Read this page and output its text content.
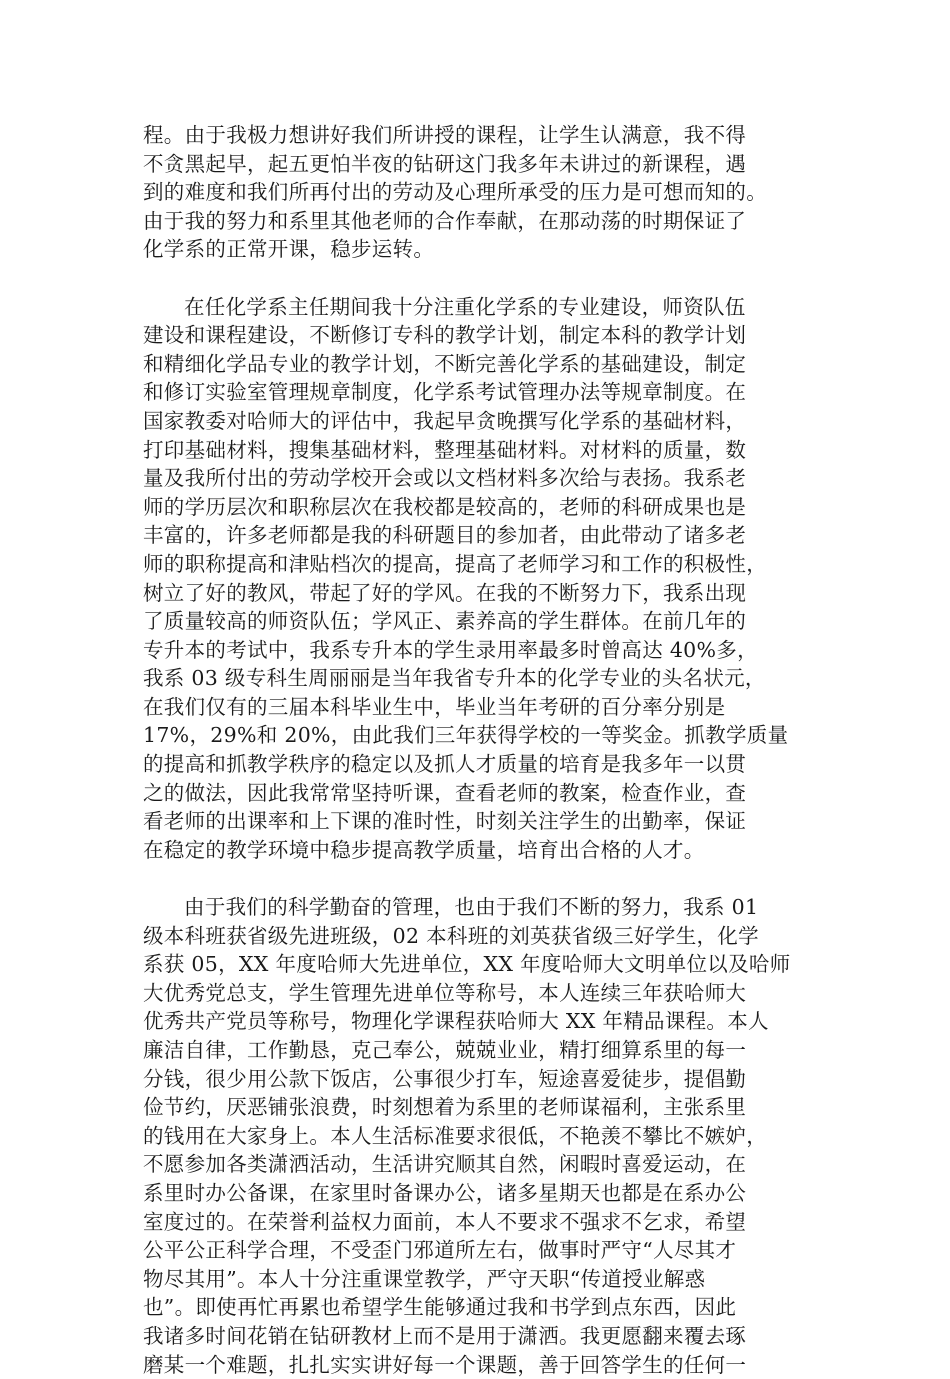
程。由于我极力想讲好我们所讲授的课程，让学生认满意，我不得
不贪黑起早，起五更怕半夜的钻研这门我多年未讲过的新课程，遇
到的难度和我们所再付出的劳动及心理所承受的压力是可想而知的。
由于我的努力和系里其他老师的合作奉献，在那动荡的时期保证了
化学系的正常开课，稳步运转。

在任化学系主任期间我十分注重化学系的专业建设，师资队伍
建设和课程建设，不断修订专科的教学计划，制定本科的教学计划
和精细化学品专业的教学计划，不断完善化学系的基础建设，制定
和修订实验室管理规章制度，化学系考试管理办法等规章制度。在
国家教委对哈师大的评估中，我起早贪晚撰写化学系的基础材料，
打印基础材料，搜集基础材料，整理基础材料。对材料的质量，数
量及我所付出的劳动学校开会或以文档材料多次给与表扬。我系老
师的学历层次和职称层次在我校都是较高的，老师的科研成果也是
丰富的，许多老师都是我的科研题目的参加者，由此带动了诸多老
师的职称提高和津贴档次的提高，提高了老师学习和工作的积极性，
树立了好的教风，带起了好的学风。在我的不断努力下，我系出现
了质量较高的师资队伍；学风正、素养高的学生群体。在前几年的
专升本的考试中，我系专升本的学生录用率最多时曾高达 40%多，
我系 03 级专科生周丽丽是当年我省专升本的化学专业的头名状元，
在我们仅有的三届本科毕业生中，毕业当年考研的百分率分别是
17%，29%和 20%，由此我们三年获得学校的一等奖金。抓教学质量
的提高和抓教学秩序的稳定以及抓人才质量的培育是我多年一以贯
之的做法，因此我常常坚持听课，查看老师的教案，检查作业，查
看老师的出课率和上下课的准时性，时刻关注学生的出勤率，保证
在稳定的教学环境中稳步提高教学质量，培育出合格的人才。

由于我们的科学勤奋的管理，也由于我们不断的努力，我系 01
级本科班获省级先进班级，02 本科班的刘英获省级三好学生，化学
系获 05，XX 年度哈师大先进单位，XX 年度哈师大文明单位以及哈师
大优秀党总支，学生管理先进单位等称号，本人连续三年获哈师大
优秀共产党员等称号，物理化学课程获哈师大 XX 年精品课程。本人
廉洁自律，工作勤恳，克己奉公，兢兢业业，精打细算系里的每一
分钱，很少用公款下饭店，公事很少打车，短途喜爱徒步，提倡勤
俭节约，厌恶铺张浪费，时刻想着为系里的老师谋福利，主张系里
的钱用在大家身上。本人生活标准要求很低，不艳羡不攀比不嫉妒，
不愿参加各类潇洒活动，生活讲究顺其自然，闲暇时喜爱运动，在
系里时办公备课，在家里时备课办公，诸多星期天也都是在系办公
室度过的。在荣誉利益权力面前，本人不要求不强求不乞求，希望
公平公正科学合理，不受歪门邪道所左右，做事时严守“人尽其才
物尽其用”。本人十分注重课堂教学，严守天职“传道授业解惑
也”。即使再忙再累也希望学生能够通过我和书学到点东西，因此
我诸多时间花销在钻研教材上而不是用于潇洒。我更愿翻来覆去琢
磨某一个难题，扎扎实实讲好每一个课题，善于回答学生的任何一
